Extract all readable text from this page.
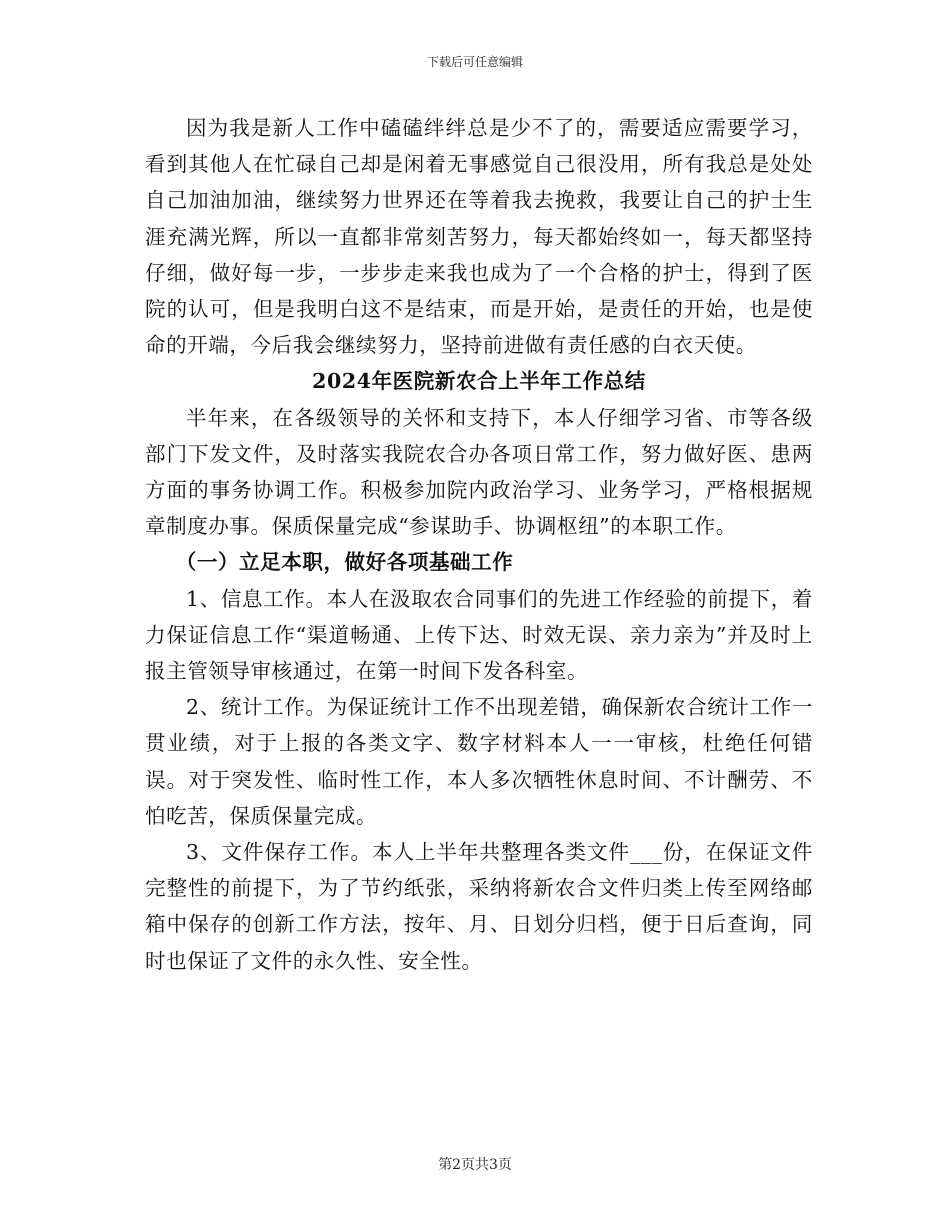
下载后可任意编辑

因为我是新人工作中磕磕绊绊总是少不了的，需要适应需要学习，看到其他人在忙碌自己却是闲着无事感觉自己很没用，所有我总是处处自己加油加油，继续努力世界还在等着我去挽救，我要让自己的护士生涯充满光辉，所以一直都非常刻苦努力，每天都始终如一，每天都坚持仔细，做好每一步，一步步走来我也成为了一个合格的护士，得到了医院的认可，但是我明白这不是结束，而是开始，是责任的开始，也是使命的开端，今后我会继续努力，坚持前进做有责任感的白衣天使。

2024年医院新农合上半年工作总结

半年来，在各级领导的关怀和支持下，本人仔细学习省、市等各级部门下发文件，及时落实我院农合办各项日常工作，努力做好医、患两方面的事务协调工作。积极参加院内政治学习、业务学习，严格根据规章制度办事。保质保量完成“参谋助手、协调枢纽”的本职工作。

（一）立足本职，做好各项基础工作

1、信息工作。本人在汲取农合同事们的先进工作经验的前提下，着力保证信息工作“渠道畅通、上传下达、时效无误、亲力亲为”并及时上报主管领导审核通过，在第一时间下发各科室。

2、统计工作。为保证统计工作不出现差错，确保新农合统计工作一贯业绩，对于上报的各类文字、数字材料本人一一审核，杜绝任何错误。对于突发性、临时性工作，本人多次牺牲休息时间、不计酬劳、不怕吃苦，保质保量完成。

3、文件保存工作。本人上半年共整理各类文件___份，在保证文件完整性的前提下，为了节约纸张，采纳将新农合文件归类上传至网络邮箱中保存的创新工作方法，按年、月、日划分归档，便于日后查询，同时也保证了文件的永久性、安全性。

第2页共3页
